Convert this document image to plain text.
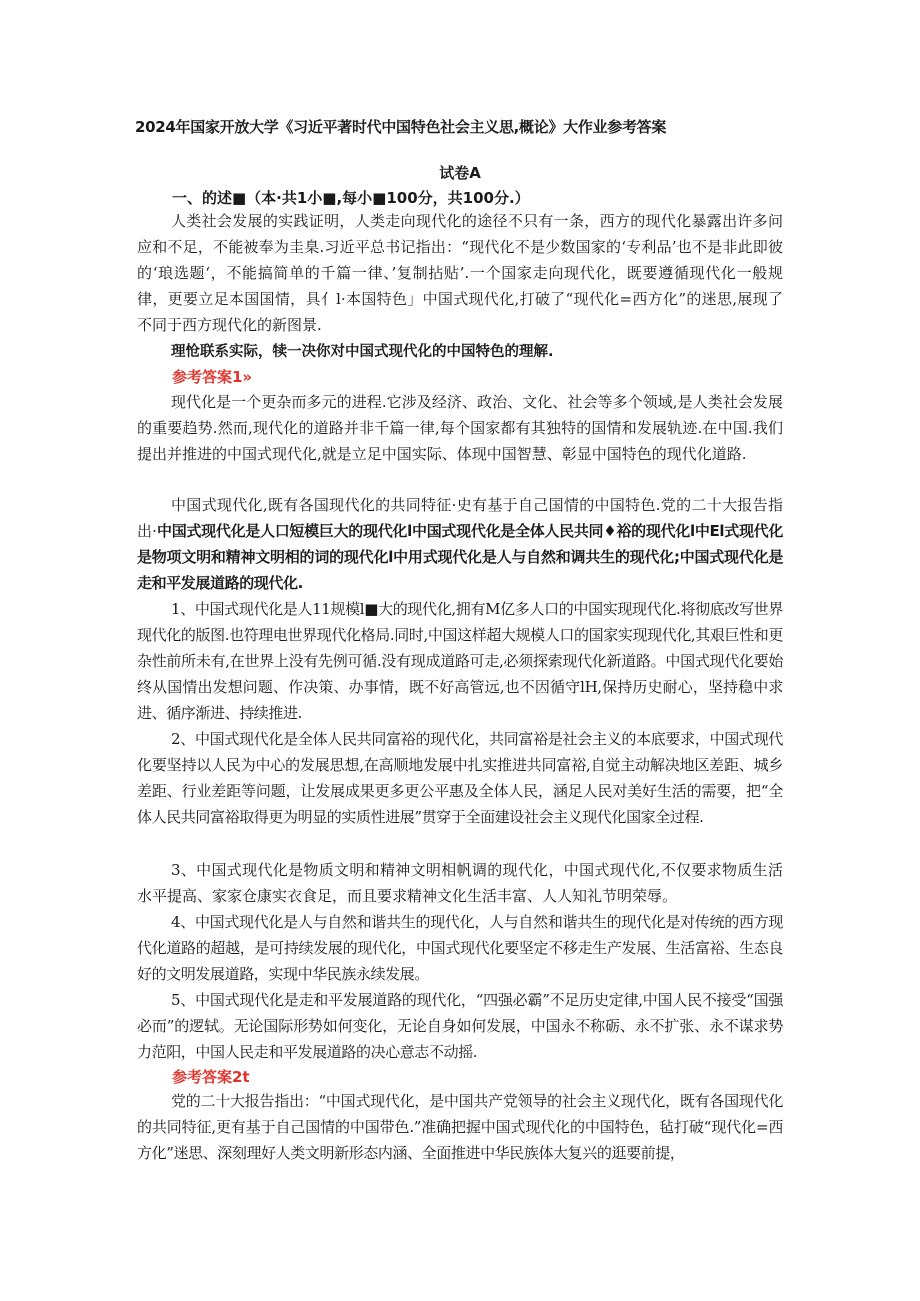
2024年国家开放大学《习近平著时代中国特色社会主义思,概论》大作业参考答案
试卷A
一、的述■（本·共1小■,每小■100分，共100分.）

人类社会发展的实践证明，人类走向现代化的途径不只有一条，西方的现代化暴露出许多问应和不足，不能被奉为圭臬.习近平总书记指出：“现代化不是少数国家的‘专利品’也不是非此即彼的‘琅选题‘，不能搞简单的千篇一律、’复制拈贴’.一个国家走向现代化，既要遵循现代化一般规律，更要立足本国国情，具亻l·本国特色」中国式现代化,打破了“现代化=西方化”的迷思,展现了不同于西方现代化的新图景.

理怆联系实际，犊一决你对中国式现代化的中国特色的理解.

参考答案1»

现代化是一个更杂而多元的进程.它涉及经济、政治、文化、社会等多个领域,是人类社会发展的重要趋势.然而,现代化的道路并非千篇一律,每个国家都有其独特的国情和发展轨迹.在中国.我们提出并推进的中国式现代化,就是立足中国实际、体现中国智慧、彰显中国特色的现代化道路.

中国式现代化,既有各国现代化的共同特征·史有基于自己国情的中国特色.党的二十大报告指出·中国式现代化是人口短模巨大的现代化l中国式现代化是全体人民共同♦裕的现代化l中El式现代化是物项文明和精神文明相的词的现代化l中用式现代化是人与自然和调共生的现代化;中国式现代化是走和平发展道路的现代化.

1、中国式现代化是人11规模l■大的现代化,拥有M亿多人口的中国实现现代化.将彻底改写世界现代化的版图.也符理电世界现代化格局.同时,中国这样超大规模人口的国家实现现代化,其艰巨性和更杂性前所未有,在世界上没有先例可循.没有现成道路可走,必须探索现代化新道路。中国式现代化要始终从国情出发想问题、作决策、办事情，既不好高管远,也不因循守lH,保持历史耐心，坚持稳中求进、循序渐进、持续推进.

2、中国式现代化是全体人民共同富裕的现代化，共同富裕是社会主义的本底要求，中国式现代化要坚持以人民为中心的发展思想,在高顺地发展中扎实推进共同富裕,自觉主动解决地区差距、城乡差距、行业差距等问题，让发展成果更多更公平惠及全体人民，涵足人民对美好生活的需要，把“全体人民共同富裕取得更为明显的实质性进展”贯穿于全面建设社会主义现代化国家全过程.

3、中国式现代化是物质文明和精神文明相帆调的现代化，中国式现代化,不仅要求物质生活水平提高、家家仓康实衣食足，而且要求精神文化生活丰富、人人知礼节明荣辱。

4、中国式现代化是人与自然和谐共生的现代化，人与自然和谐共生的现代化是对传统的西方现代化道路的超越，是可持续发展的现代化，中国式现代化要坚定不移走生产发展、生活富裕、生态良好的文明发展道路，实现中华民族永续发展。

5、中国式现代化是走和平发展道路的现代化，“四强必霸”不足历史定律,中国人民不接受“国强必而”的逻轼。无论国际形势如何变化，无论自身如何发展，中国永不称砺、永不扩张、永不谋求势力范阳，中国人民走和平发展道路的决心意志不动摇.

参考答案2t

党的二十大报告指出：“中国式现代化，是中国共产党领导的社会主义现代化，既有各国现代化的共同特征,更有基于自己国情的中国带色.”准确把握中国式现代化的中国特色，毡打破“现代化=西方化”迷思、深刻理好人类文明新形态内涵、全面推进中华民族体大复兴的逛要前提，
